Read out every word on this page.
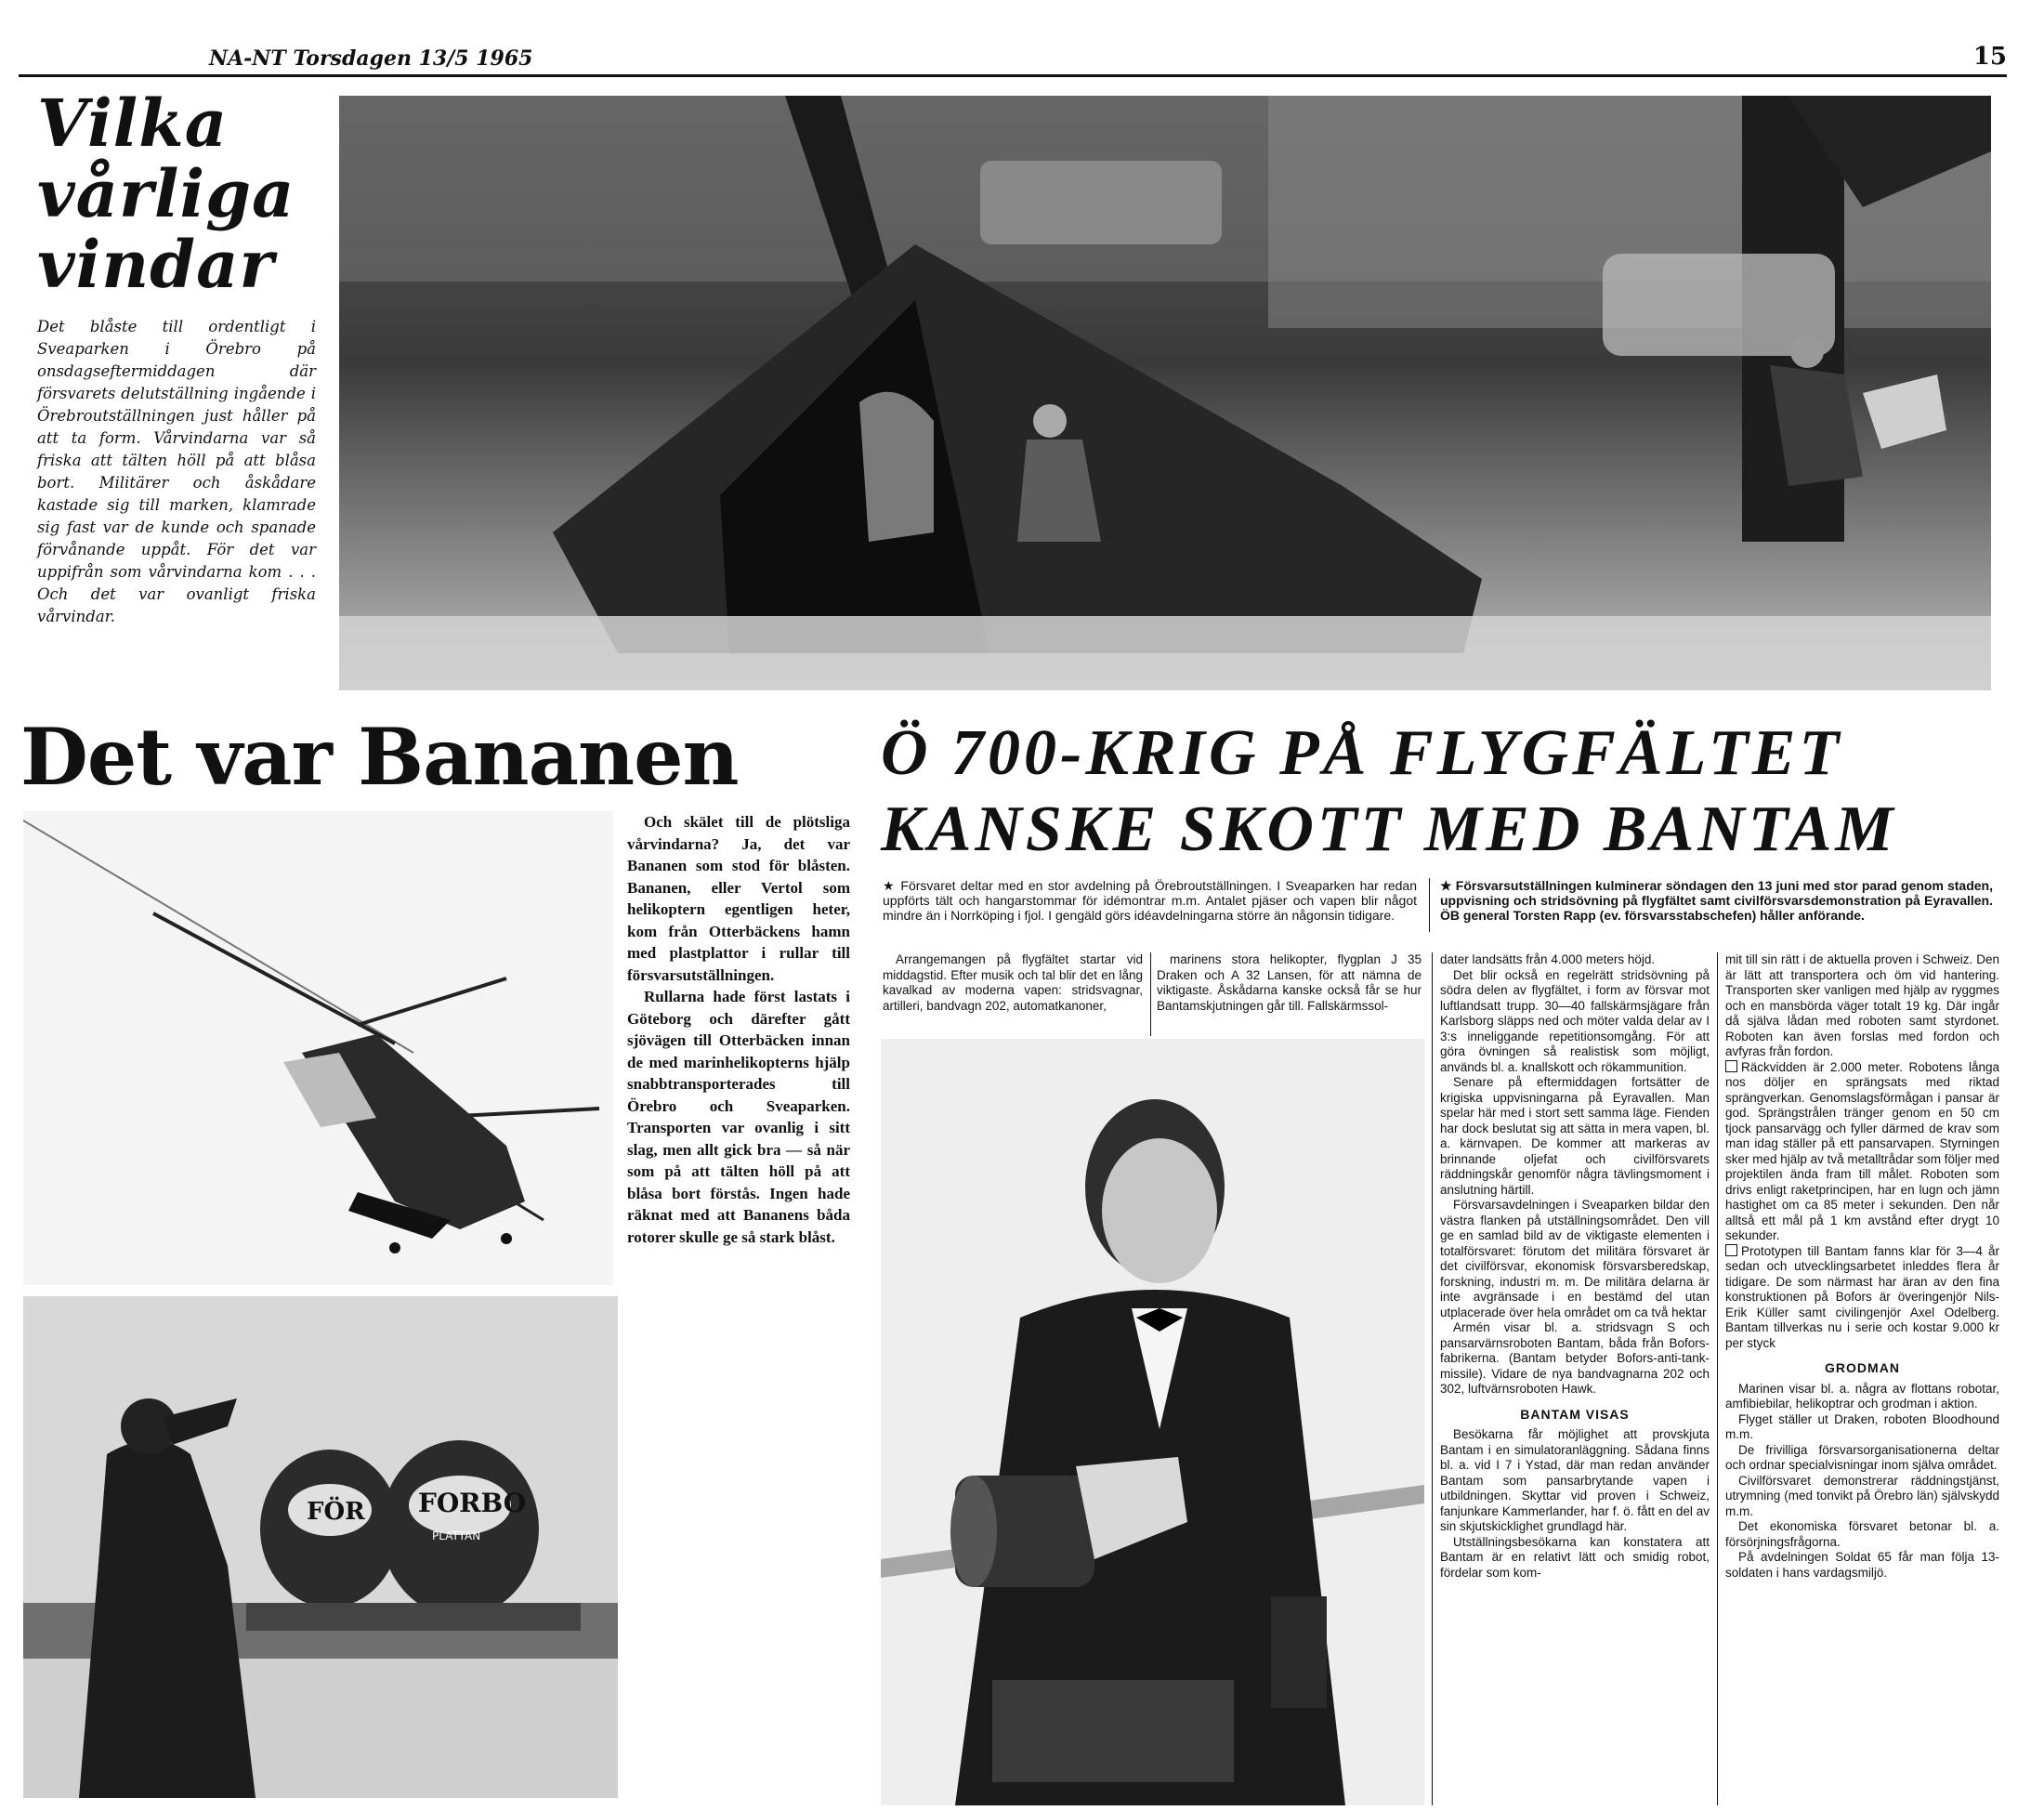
NA-NT Torsdagen 13/5 1965	15
Vilka
vårliga
vindar
Det blåste till ordentligt i Sveaparken i Örebro på onsdagseftermiddagen där försvarets delutställning ingående i Örebroutställningen just håller på att ta form. Vårvindarna var så friska att tälten höll på att blåsa bort. Militärer och åskådare kastade sig till marken, klamrade sig fast var de kunde och spanade förvånande uppåt. För det var uppifrån som vårvindarna kom . . . Och det var ovanligt friska vårvindar.
Det var Bananen

Och skälet till de plötsliga vårvindarna? Ja, det var Bananen som stod för blåsten. Bananen, eller Vertol som helikoptern egentligen heter, kom från Otterbäckens hamn med plastplattor i rullar till försvarsutställningen.

Rullarna hade först lastats i Göteborg och därefter gått sjövägen till Otterbäcken innan de med marinhelikopterns hjälp snabbtransporterades till Örebro och Sveaparken. Transporten var ovanlig i sitt slag, men allt gick bra — så när som på att tälten höll på att blåsa bort förstås. Ingen hade räknat med att Bananens båda rotorer skulle ge så stark blåst.

FÖR FORBO
PLATTAN
Ö 700-KRIG PÅ FLYGFÄLTET
KANSKE SKOTT MED BANTAM
★ Försvaret deltar med en stor avdelning på Örebroutställningen. I Sveaparken har redan uppförts tält och hangarstommar för idémontrar m.m. Antalet pjäser och vapen blir något mindre än i Norrköping i fjol. I gengäld görs idéavdelningarna större än någonsin tidigare.
★ Försvarsutställningen kulminerar söndagen den 13 juni med stor parad genom staden, uppvisning och stridsövning på flygfältet samt civilförsvarsdemonstration på Eyravallen. ÖB general Torsten Rapp (ev. försvarsstabschefen) håller anförande.

Arrangemangen på flygfältet startar vid middagstid. Efter musik och tal blir det en lång kavalkad av moderna vapen: stridsvagnar, artilleri, bandvagn 202, automatkanoner,

marinens stora helikopter, flygplan J 35 Draken och A 32 Lansen, för att nämna de viktigaste. Åskådarna kanske också får se hur Bantamskjutningen går till. Fallskärmssol-

dater landsätts från 4.000 meters höjd.

Det blir också en regelrätt stridsövning på södra delen av flygfältet, i form av försvar mot luftlandsatt trupp. 30—40 fallskärmsjägare från Karlsborg släpps ned och möter valda delar av I 3:s inneliggande repetitionsomgång. För att göra övningen så realistisk som möjligt, används bl. a. knallskott och rökammunition.

Senare på eftermiddagen fortsätter de krigiska uppvisningarna på Eyravallen. Man spelar här med i stort sett samma läge. Fienden har dock beslutat sig att sätta in mera vapen, bl. a. kärnvapen. De kommer att markeras av brinnande oljefat och civilförsvarets räddningskår genomför några tävlingsmoment i anslutning härtill.

Försvarsavdelningen i Sveaparken bildar den västra flanken på utställningsområdet. Den vill ge en samlad bild av de viktigaste elementen i totalförsvaret: förutom det militära försvaret är det civilförsvar, ekonomisk försvarsberedskap, forskning, industri m. m. De militära delarna är inte avgränsade i en bestämd del utan utplacerade över hela området om ca två hektar

Armén visar bl. a. stridsvagn S och pansarvärnsroboten Bantam, båda från Bofors-fabrikerna. (Bantam betyder Bofors-anti-tank-missile). Vidare de nya bandvagnarna 202 och 302, luftvärnsroboten Hawk.

BANTAM VISAS

Besökarna får möjlighet att provskjuta Bantam i en simulatoranläggning. Sådana finns bl. a. vid I 7 i Ystad, där man redan använder Bantam som pansarbrytande vapen i utbildningen. Skyttar vid proven i Schweiz, fanjunkare Kammerlander, har f. ö. fått en del av sin skjutskicklighet grundlagd här.

Utställningsbesökarna kan konstatera att Bantam är en relativt lätt och smidig robot, fördelar som kom-

mit till sin rätt i de aktuella proven i Schweiz. Den är lätt att transportera och öm vid hantering. Transporten sker vanligen med hjälp av ryggmes och en mansbörda väger totalt 19 kg. Där ingår då själva lådan med roboten samt styrdonet. Roboten kan även forslas med fordon och avfyras från fordon.

Räckvidden är 2.000 meter. Robotens långa nos döljer en sprängsats med riktad sprängverkan. Genomslagsförmågan i pansar är god. Sprängstrålen tränger genom en 50 cm tjock pansarvägg och fyller därmed de krav som man idag ställer på ett pansarvapen. Styrningen sker med hjälp av två metalltrådar som följer med projektilen ända fram till målet. Roboten som drivs enligt raketprincipen, har en lugn och jämn hastighet om ca 85 meter i sekunden. Den når alltså ett mål på 1 km avstånd efter drygt 10 sekunder.

Prototypen till Bantam fanns klar för 3—4 år sedan och utvecklingsarbetet inleddes flera år tidigare. De som närmast har äran av den fina konstruktionen på Bofors är överingenjör Nils-Erik Küller samt civilingenjör Axel Odelberg. Bantam tillverkas nu i serie och kostar 9.000 kr per styck

GRODMAN

Marinen visar bl. a. några av flottans robotar, amfibiebilar, helikoptrar och grodman i aktion.

Flyget ställer ut Draken, roboten Bloodhound m.m.

De frivilliga försvarsorganisationerna deltar och ordnar specialvisningar inom själva området.

Civilförsvaret demonstrerar räddningstjänst, utrymning (med tonvikt på Örebro län) självskydd m.m.

Det ekonomiska försvaret betonar bl. a. försörjningsfrågorna.

På avdelningen Soldat 65 får man följa 13-soldaten i hans vardagsmiljö.
